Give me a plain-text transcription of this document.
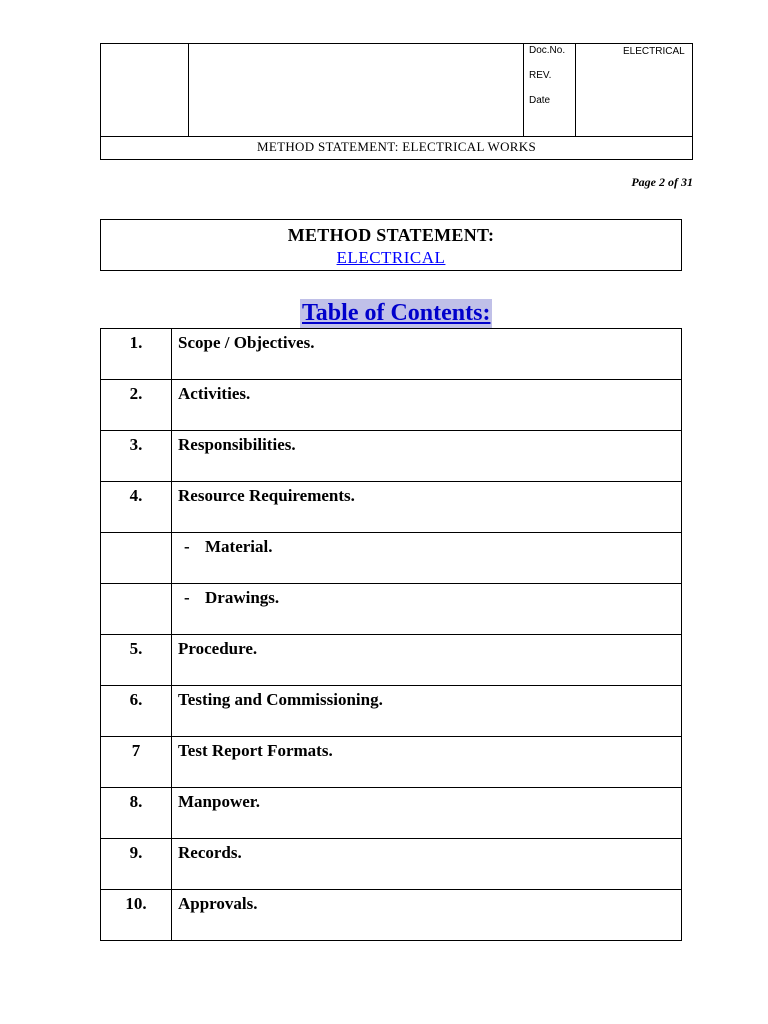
Doc.No.
REV.
Date
ELECTRICAL
METHOD STATEMENT: ELECTRICAL WORKS
Page 2 of 31
METHOD STATEMENT:
ELECTRICAL
Table of Contents:
1.	Scope / Objectives.
2.	Activities.
3.	Responsibilities.
4.	Resource Requirements.
	- Material.
	- Drawings.
5.	Procedure.
6.	Testing and Commissioning.
7	Test Report Formats.
8.	Manpower.
9.	Records.
10.	Approvals.
